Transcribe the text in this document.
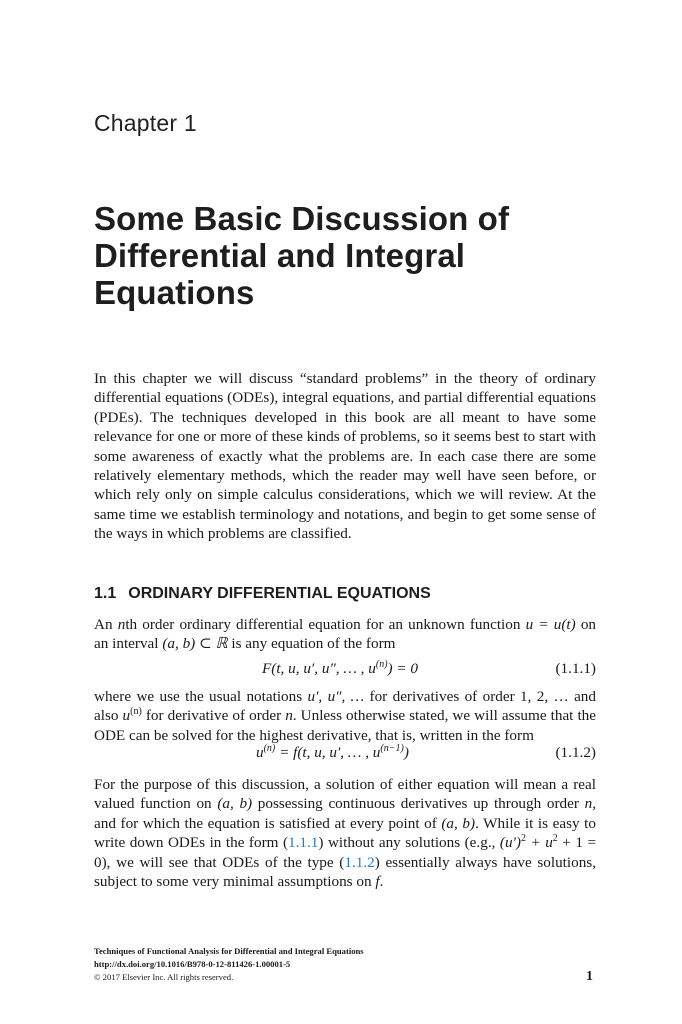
Chapter 1
Some Basic Discussion of
Differential and Integral
Equations

In this chapter we will discuss “standard problems” in the theory of ordinary differential equations (ODEs), integral equations, and partial differential equations (PDEs). The techniques developed in this book are all meant to have some relevance for one or more of these kinds of problems, so it seems best to start with some awareness of exactly what the problems are. In each case there are some relatively elementary methods, which the reader may well have seen before, or which rely only on simple calculus considerations, which we will review. At the same time we establish terminology and notations, and begin to get some sense of the ways in which problems are classified.

1.1 ORDINARY DIFFERENTIAL EQUATIONS

An nth order ordinary differential equation for an unknown function u = u(t) on an interval (a, b) ⊂ ℝ is any equation of the form

F(t, u, u′, u″, … , $u^{(n)}) = 0$	(1.1.1)

where we use the usual notations u′, u″, … for derivatives of order 1, 2, … and also $u^{(n)}$ for derivative of order n. Unless otherwise stated, we will assume that the ODE can be solved for the highest derivative, that is, written in the form

$u^{(n)} = f(t$, u, u′, … , $u^{(n-1)}$)	(1.1.2)

For the purpose of this discussion, a solution of either equation will mean a real valued function on (a, b) possessing continuous derivatives up through order n, and for which the equation is satisfied at every point of (a, b). While it is easy to write down ODEs in the form (1.1.1) without any solutions (e.g., $(u')^2 + u^2 + 1 = 0$), we will see that ODEs of the type (1.1.2) essentially always have solutions, subject to some very minimal assumptions on f.

Techniques of Functional Analysis for Differential and Integral Equations
http://dx.doi.org/10.1016/B978-0-12-811426-1.00001-5
© 2017 Elsevier Inc. All rights reserved.	1
